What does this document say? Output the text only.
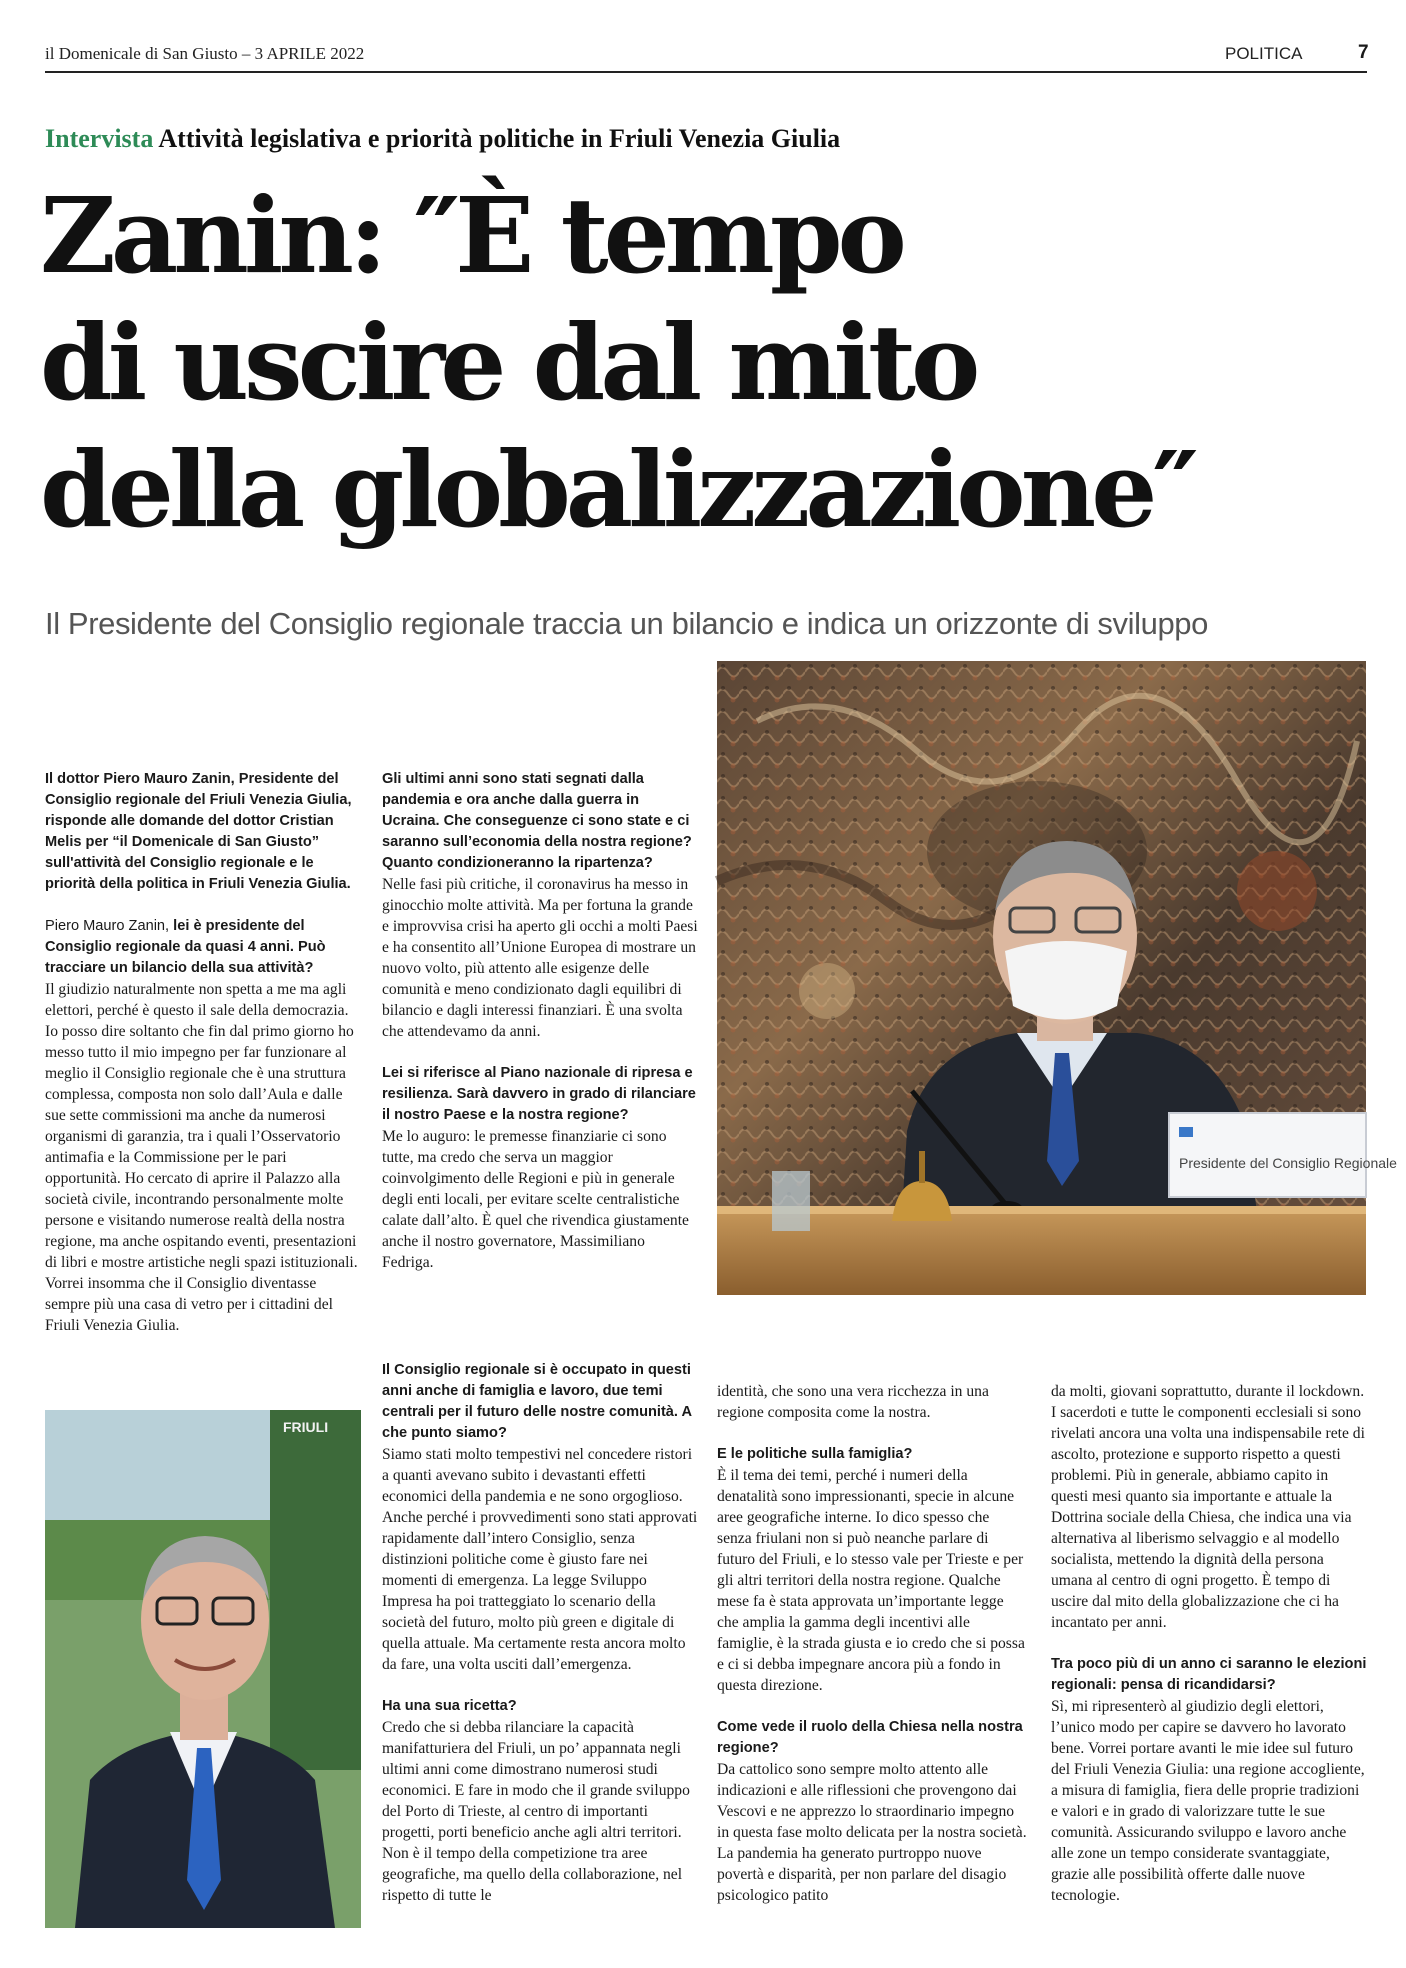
il Domenicale di San Giusto – 3 APRILE 2022	POLITICA	7
Intervista Attività legislativa e priorità politiche in Friuli Venezia Giulia
Zanin: ″È tempo
di uscire dal mito
della globalizzazione″
Il Presidente del Consiglio regionale traccia un bilancio e indica un orizzonte di sviluppo

Il dottor Piero Mauro Zanin, Presidente del Consiglio regionale del Friuli Venezia Giulia, risponde alle domande del dottor Cristian Melis per “il Domenicale di San Giusto” sull'attività del Consiglio regionale e le priorità della politica in Friuli Venezia Giulia.

Piero Mauro Zanin, lei è presidente del Consiglio regionale da quasi 4 anni. Può tracciare un bilancio della sua attività?

Il giudizio naturalmente non spetta a me ma agli elettori, perché è questo il sale della democrazia. Io posso dire soltanto che fin dal primo giorno ho messo tutto il mio impegno per far funzionare al meglio il Consiglio regionale che è una struttura complessa, composta non solo dall’Aula e dalle sue sette commissioni ma anche da numerosi organismi di garanzia, tra i quali l’Osservatorio antimafia e la Commissione per le pari opportunità. Ho cercato di aprire il Palazzo alla società civile, incontrando personalmente molte persone e visitando numerose realtà della nostra regione, ma anche ospitando eventi, presentazioni di libri e mostre artistiche negli spazi istituzionali. Vorrei insomma che il Consiglio diventasse sempre più una casa di vetro per i cittadini del Friuli Venezia Giulia.

Gli ultimi anni sono stati segnati dalla pandemia e ora anche dalla guerra in Ucraina. Che conseguenze ci sono state e ci saranno sull’economia della nostra regione? Quanto condizioneranno la ripartenza?

Nelle fasi più critiche, il coronavirus ha messo in ginocchio molte attività. Ma per fortuna la grande e improvvisa crisi ha aperto gli occhi a molti Paesi e ha consentito all’Unione Europea di mostrare un nuovo volto, più attento alle esigenze delle comunità e meno condizionato dagli equilibri di bilancio e dagli interessi finanziari. È una svolta che attendevamo da anni.

Lei si riferisce al Piano nazionale di ripresa e resilienza. Sarà davvero in grado di rilanciare il nostro Paese e la nostra regione?

Me lo auguro: le premesse finanziarie ci sono tutte, ma credo che serva un maggior coinvolgimento delle Regioni e più in generale degli enti locali, per evitare scelte centralistiche calate dall’alto. È quel che rivendica giustamente anche il nostro governatore, Massimiliano Fedriga.

Il Consiglio regionale si è occupato in questi anni anche di famiglia e lavoro, due temi centrali per il futuro delle nostre comunità. A che punto siamo?

Siamo stati molto tempestivi nel concedere ristori a quanti avevano subito i devastanti effetti economici della pandemia e ne sono orgoglioso. Anche perché i provvedimenti sono stati approvati rapidamente dall’intero Consiglio, senza distinzioni politiche come è giusto fare nei momenti di emergenza. La legge Sviluppo Impresa ha poi tratteggiato lo scenario della società del futuro, molto più green e digitale di quella attuale. Ma certamente resta ancora molto da fare, una volta usciti dall’emergenza.

Ha una sua ricetta?

Credo che si debba rilanciare la capacità manifatturiera del Friuli, un po’ appannata negli ultimi anni come dimostrano numerosi studi economici. E fare in modo che il grande sviluppo del Porto di Trieste, al centro di importanti progetti, porti beneficio anche agli altri territori. Non è il tempo della competizione tra aree geografiche, ma quello della collaborazione, nel rispetto di tutte le

identità, che sono una vera ricchezza in una regione composita come la nostra.

E le politiche sulla famiglia?

È il tema dei temi, perché i numeri della denatalità sono impressionanti, specie in alcune aree geografiche interne. Io dico spesso che senza friulani non si può neanche parlare di futuro del Friuli, e lo stesso vale per Trieste e per gli altri territori della nostra regione. Qualche mese fa è stata approvata un’importante legge che amplia la gamma degli incentivi alle famiglie, è la strada giusta e io credo che si possa e ci si debba impegnare ancora più a fondo in questa direzione.

Come vede il ruolo della Chiesa nella nostra regione?

Da cattolico sono sempre molto attento alle indicazioni e alle riflessioni che provengono dai Vescovi e ne apprezzo lo straordinario impegno in questa fase molto delicata per la nostra società. La pandemia ha generato purtroppo nuove povertà e disparità, per non parlare del disagio psicologico patito

da molti, giovani soprattutto, durante il lockdown. I sacerdoti e tutte le componenti ecclesiali si sono rivelati ancora una volta una indispensabile rete di ascolto, protezione e supporto rispetto a questi problemi. Più in generale, abbiamo capito in questi mesi quanto sia importante e attuale la Dottrina sociale della Chiesa, che indica una via alternativa al liberismo selvaggio e al modello socialista, mettendo la dignità della persona umana al centro di ogni progetto. È tempo di uscire dal mito della globalizzazione che ci ha incantato per anni.

Tra poco più di un anno ci saranno le elezioni regionali: pensa di ricandidarsi?

Sì, mi ripresenterò al giudizio degli elettori, l’unico modo per capire se davvero ho lavorato bene. Vorrei portare avanti le mie idee sul futuro del Friuli Venezia Giulia: una regione accogliente, a misura di famiglia, fiera delle proprie tradizioni e valori e in grado di valorizzare tutte le sue comunità. Assicurando sviluppo e lavoro anche alle zone un tempo considerate svantaggiate, grazie alle possibilità offerte dalle nuove tecnologie.

Presidente del Consiglio Regionale
FRIULI
